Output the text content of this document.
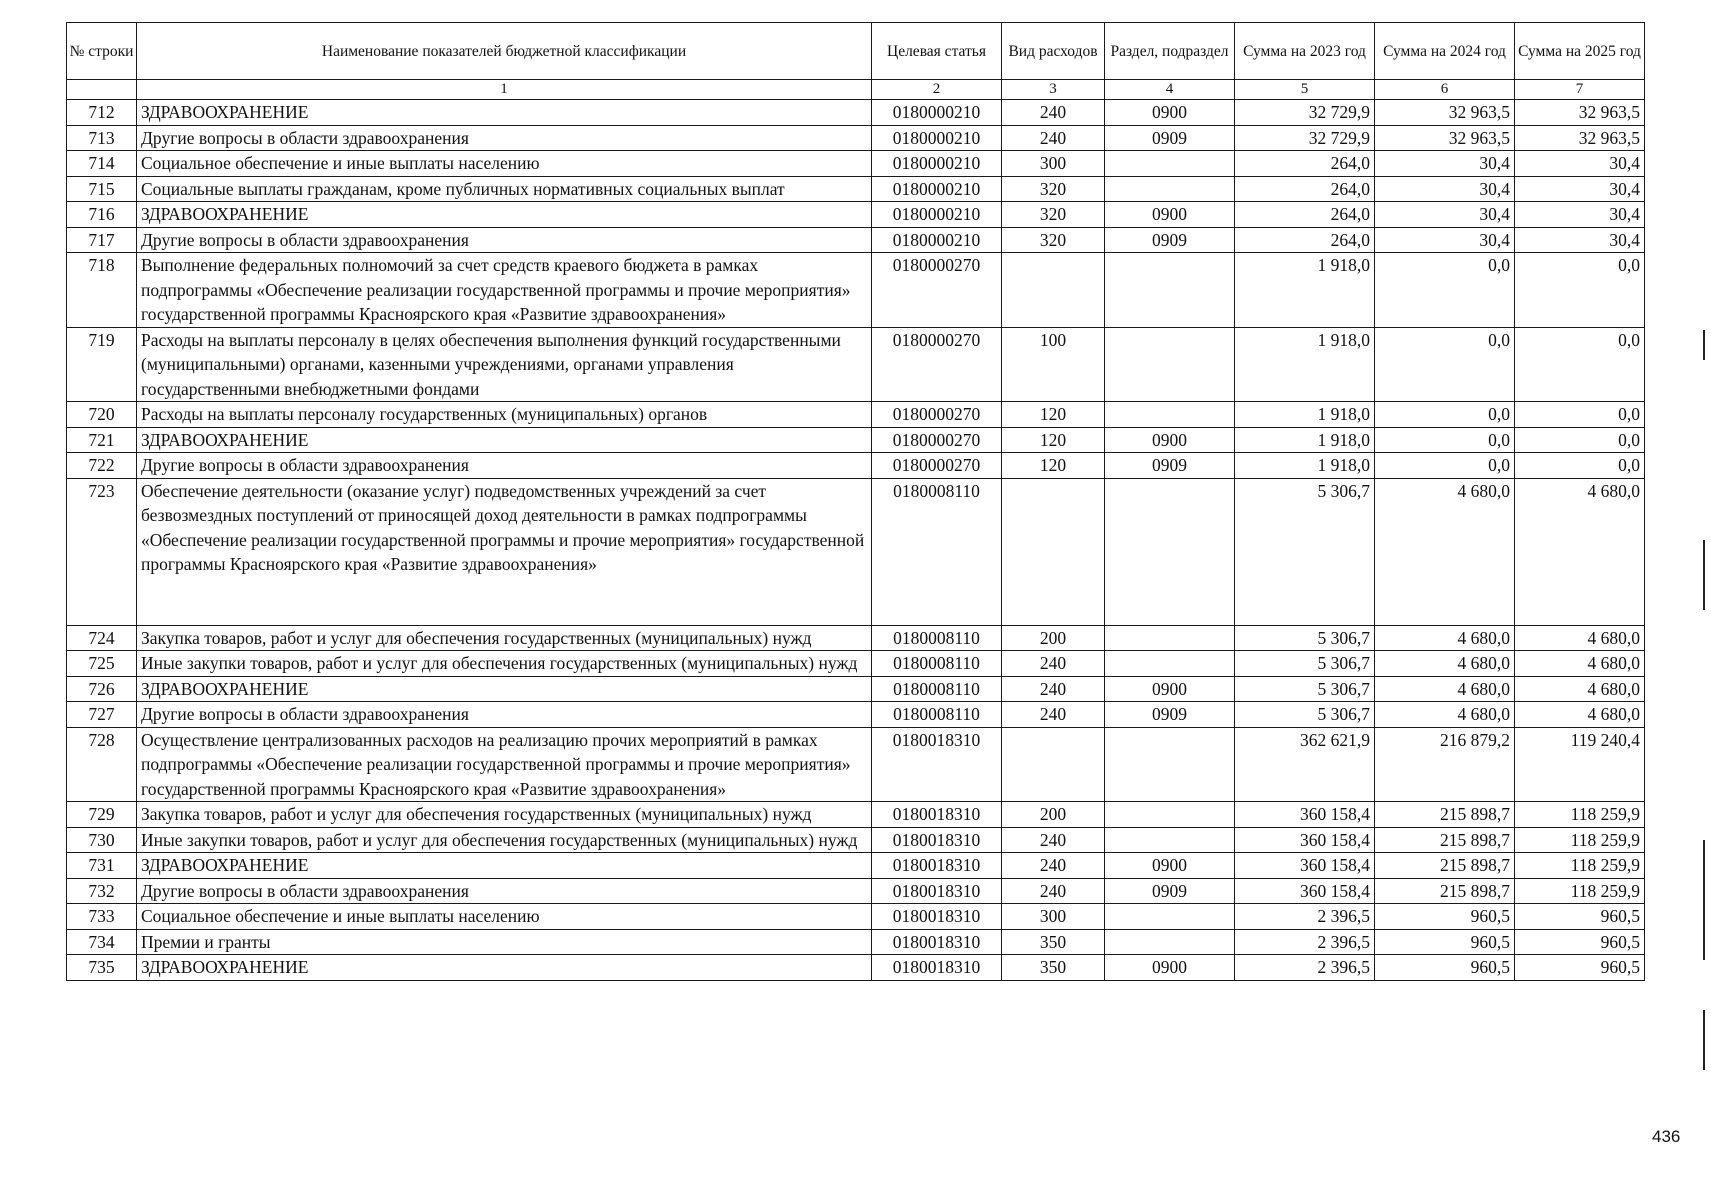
№ строки	Наименование показателей бюджетной классификации	Целевая статья	Вид расходов	Раздел, подраздел	Сумма на 2023 год	Сумма на 2024 год	Сумма на 2025 год
	1	2	3	4	5	6	7
712	ЗДРАВООХРАНЕНИЕ	0180000210	240	0900	32 729,9	32 963,5	32 963,5
713	Другие вопросы в области здравоохранения	0180000210	240	0909	32 729,9	32 963,5	32 963,5
714	Социальное обеспечение и иные выплаты населению	0180000210	300		264,0	30,4	30,4
715	Социальные выплаты гражданам, кроме публичных нормативных социальных выплат	0180000210	320		264,0	30,4	30,4
716	ЗДРАВООХРАНЕНИЕ	0180000210	320	0900	264,0	30,4	30,4
717	Другие вопросы в области здравоохранения	0180000210	320	0909	264,0	30,4	30,4
718	Выполнение федеральных полномочий за счет средств краевого бюджета в рамках подпрограммы «Обеспечение реализации государственной программы и прочие мероприятия» государственной программы Красноярского края «Развитие здравоохранения»	0180000270			1 918,0	0,0	0,0
719	Расходы на выплаты персоналу в целях обеспечения выполнения функций государственными (муниципальными) органами, казенными учреждениями, органами управления государственными внебюджетными фондами	0180000270	100		1 918,0	0,0	0,0
720	Расходы на выплаты персоналу государственных (муниципальных) органов	0180000270	120		1 918,0	0,0	0,0
721	ЗДРАВООХРАНЕНИЕ	0180000270	120	0900	1 918,0	0,0	0,0
722	Другие вопросы в области здравоохранения	0180000270	120	0909	1 918,0	0,0	0,0
723	Обеспечение деятельности (оказание услуг) подведомственных учреждений за счет безвозмездных поступлений от приносящей доход деятельности в рамках подпрограммы «Обеспечение реализации государственной программы и прочие мероприятия» государственной программы Красноярского края «Развитие здравоохранения»	0180008110			5 306,7	4 680,0	4 680,0
724	Закупка товаров, работ и услуг для обеспечения государственных (муниципальных) нужд	0180008110	200		5 306,7	4 680,0	4 680,0
725	Иные закупки товаров, работ и услуг для обеспечения государственных (муниципальных) нужд	0180008110	240		5 306,7	4 680,0	4 680,0
726	ЗДРАВООХРАНЕНИЕ	0180008110	240	0900	5 306,7	4 680,0	4 680,0
727	Другие вопросы в области здравоохранения	0180008110	240	0909	5 306,7	4 680,0	4 680,0
728	Осуществление централизованных расходов на реализацию прочих мероприятий в рамках подпрограммы «Обеспечение реализации государственной программы и прочие мероприятия» государственной программы Красноярского края «Развитие здравоохранения»	0180018310			362 621,9	216 879,2	119 240,4
729	Закупка товаров, работ и услуг для обеспечения государственных (муниципальных) нужд	0180018310	200		360 158,4	215 898,7	118 259,9
730	Иные закупки товаров, работ и услуг для обеспечения государственных (муниципальных) нужд	0180018310	240		360 158,4	215 898,7	118 259,9
731	ЗДРАВООХРАНЕНИЕ	0180018310	240	0900	360 158,4	215 898,7	118 259,9
732	Другие вопросы в области здравоохранения	0180018310	240	0909	360 158,4	215 898,7	118 259,9
733	Социальное обеспечение и иные выплаты населению	0180018310	300		2 396,5	960,5	960,5
734	Премии и гранты	0180018310	350		2 396,5	960,5	960,5
735	ЗДРАВООХРАНЕНИЕ	0180018310	350	0900	2 396,5	960,5	960,5
436
